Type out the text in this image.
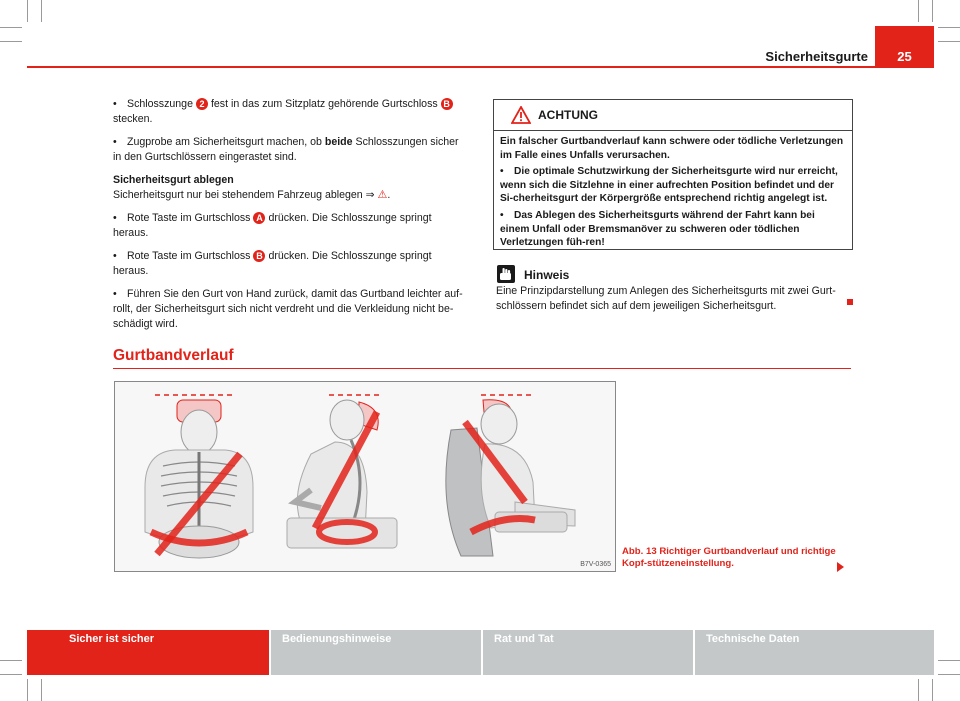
25
Sicherheitsgurte

• Schlosszunge 2 fest in das zum Sitzplatz gehörende Gurtschloss B
stecken.

• Zugprobe am Sicherheitsgurt machen, ob beide Schlosszungen sicher in den Gurtschlössern eingerastet sind.

Sicherheitsgurt ablegen

Sicherheitsgurt nur bei stehendem Fahrzeug ablegen ⇒ ⚠.

• Rote Taste im Gurtschloss A drücken. Die Schlosszunge springt heraus.

• Rote Taste im Gurtschloss B drücken. Die Schlosszunge springt heraus.

• Führen Sie den Gurt von Hand zurück, damit das Gurtband leichter auf-rollt, der Sicherheitsgurt sich nicht verdreht und die Verkleidung nicht be-schädigt wird.

ACHTUNG

Ein falscher Gurtbandverlauf kann schwere oder tödliche Verletzungen im Falle eines Unfalls verursachen.

• Die optimale Schutzwirkung der Sicherheitsgurte wird nur erreicht, wenn sich die Sitzlehne in einer aufrechten Position befindet und der Si-cherheitsgurt der Körpergröße entsprechend richtig angelegt ist.

• Das Ablegen des Sicherheitsgurts während der Fahrt kann bei einem Unfall oder Bremsmanöver zu schweren oder tödlichen Verletzungen füh-ren!

Hinweis
Eine Prinzipdarstellung zum Anlegen des Sicherheitsgurts mit zwei Gurt-schlössern befindet sich auf dem jeweiligen Sicherheitsgurt.
Gurtbandverlauf
B7V-0365
Abb. 13 Richtiger Gurtbandverlauf und richtige Kopf-stützeneinstellung.
Sicher ist sicher	Bedienungshinweise	Rat und Tat	Technische Daten
